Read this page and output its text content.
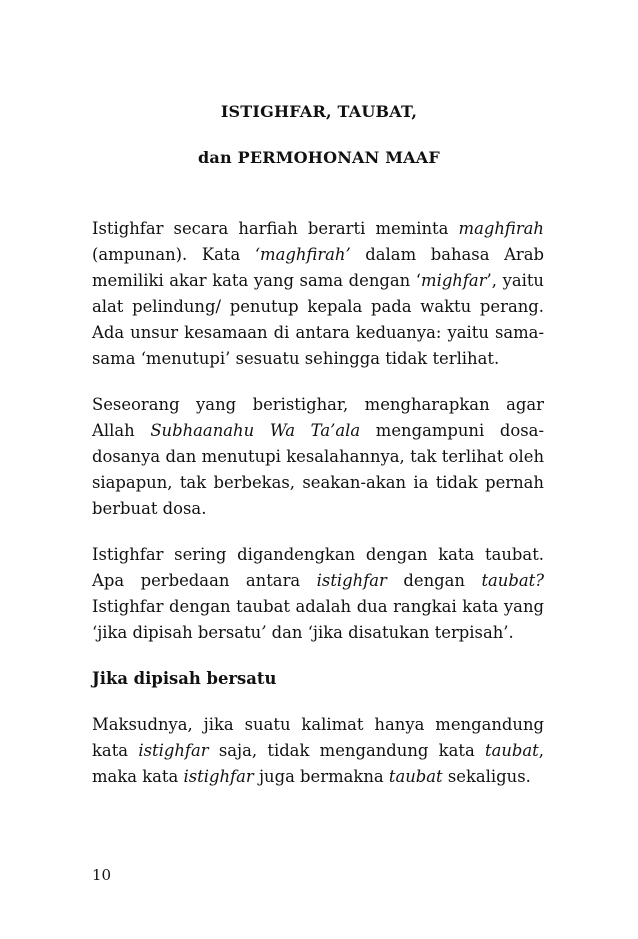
ISTIGHFAR, TAUBAT,
dan PERMOHONAN MAAF

Istighfar secara harfiah berarti meminta maghfirah (ampunan). Kata ‘maghfirah’ dalam bahasa Arab memiliki akar kata yang sama dengan ‘mighfar’, yaitu alat pelindung/ penutup kepala pada waktu perang. Ada unsur kesamaan di antara keduanya: yaitu sama-sama ‘menutupi’ sesuatu sehingga tidak terlihat.

Seseorang yang beristighar, mengharapkan agar Allah Subhaanahu Wa Ta’ala mengampuni dosa-dosanya dan menutupi kesalahannya, tak terlihat oleh siapapun, tak berbekas, seakan-akan ia tidak pernah berbuat dosa.

Istighfar sering digandengkan dengan kata taubat. Apa perbedaan antara istighfar dengan taubat? Istighfar dengan taubat adalah dua rangkai kata yang ‘jika dipisah bersatu’ dan ‘jika disatukan terpisah’.

Jika dipisah bersatu

Maksudnya, jika suatu kalimat hanya mengandung kata istighfar saja, tidak mengandung kata taubat, maka kata istighfar juga bermakna taubat sekaligus.

10
